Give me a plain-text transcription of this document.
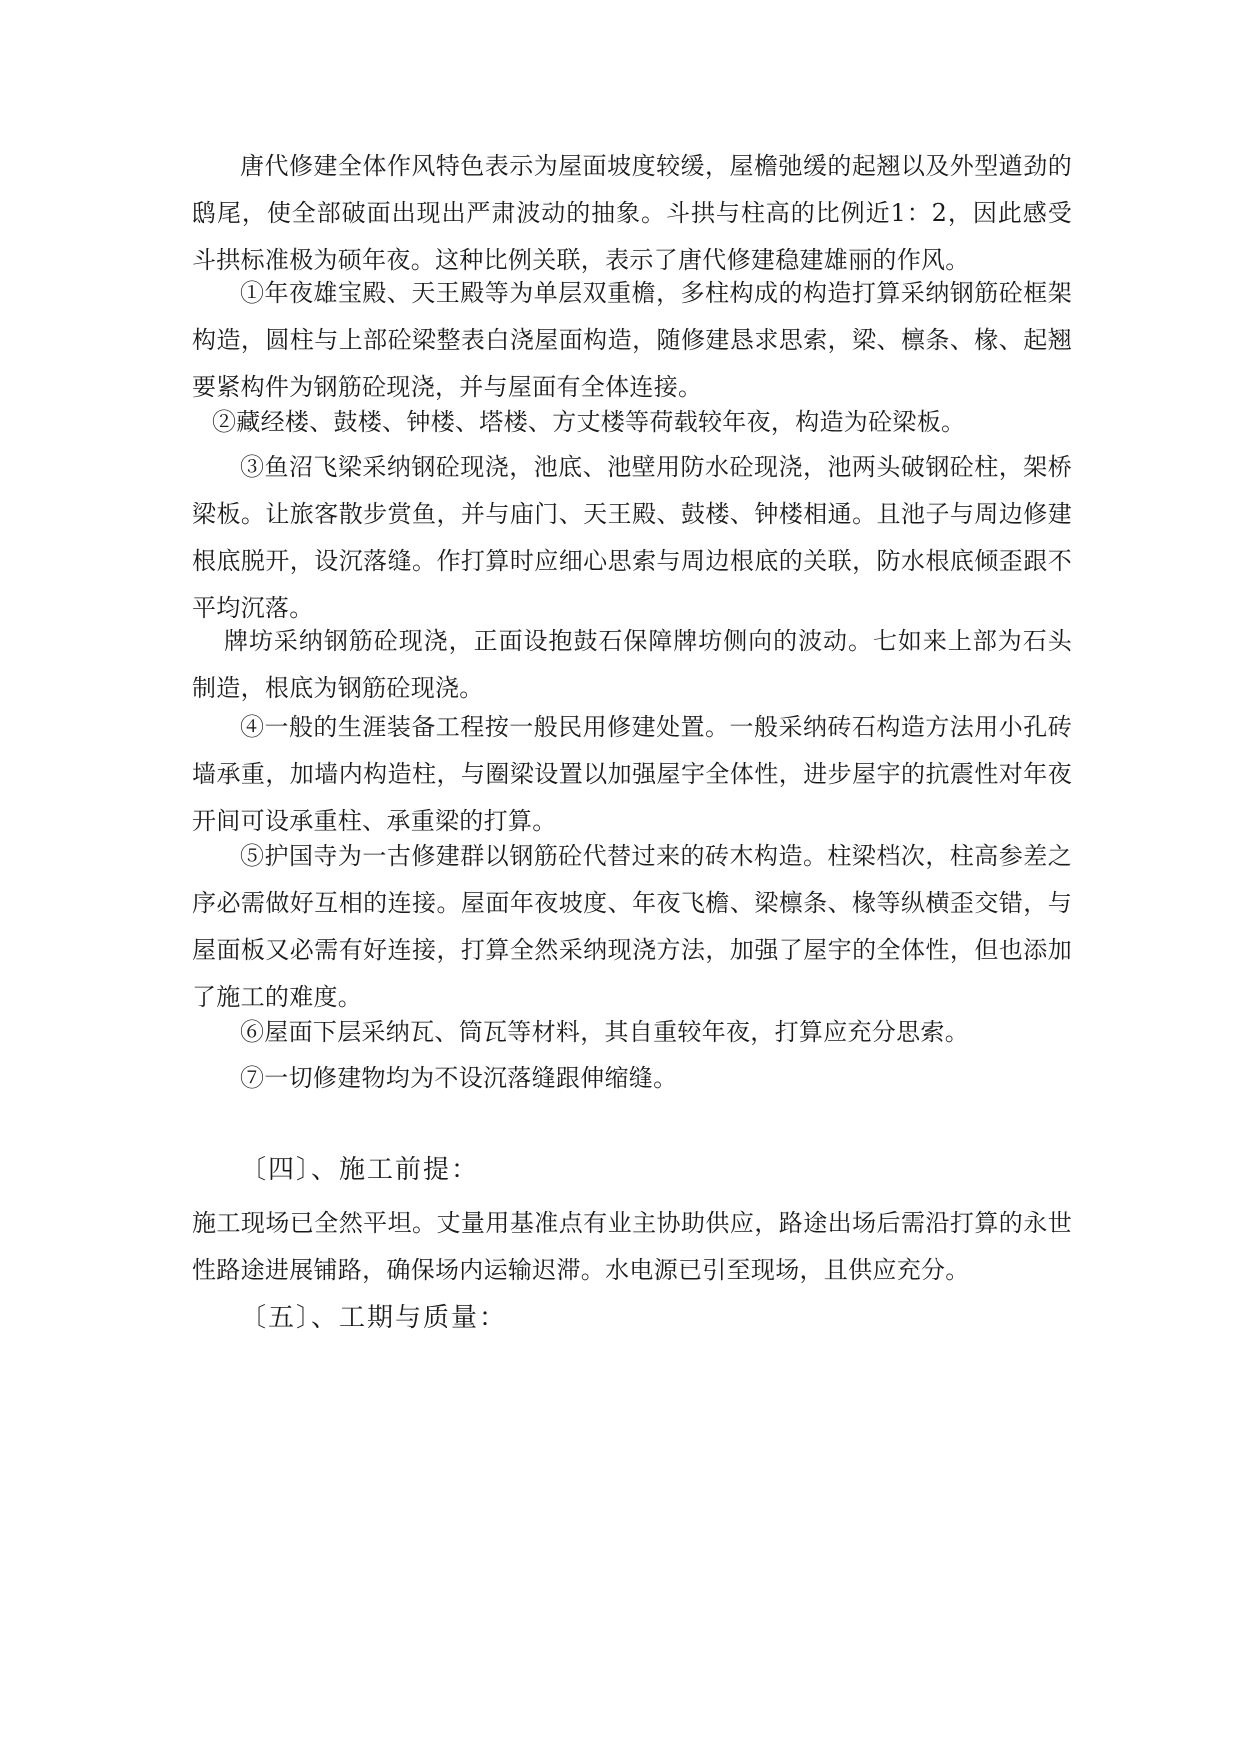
唐代修建全体作风特色表示为屋面坡度较缓，屋檐弛缓的起翘以及外型遒劲的鸱尾，使全部破面出现出严肃波动的抽象。斗拱与柱高的比例近1：2，因此感受斗拱标准极为硕年夜。这种比例关联，表示了唐代修建稳建雄丽的作风。

①年夜雄宝殿、天王殿等为单层双重檐，多柱构成的构造打算采纳钢筋砼框架构造，圆柱与上部砼梁整表白浇屋面构造，随修建恳求思索，梁、檩条、椽、起翘要紧构件为钢筋砼现浇，并与屋面有全体连接。

②藏经楼、鼓楼、钟楼、塔楼、方丈楼等荷载较年夜，构造为砼梁板。

③鱼沼飞梁采纳钢砼现浇，池底、池壁用防水砼现浇，池两头破钢砼柱，架桥梁板。让旅客散步赏鱼，并与庙门、天王殿、鼓楼、钟楼相通。且池子与周边修建根底脱开，设沉落缝。作打算时应细心思索与周边根底的关联，防水根底倾歪跟不平均沉落。

牌坊采纳钢筋砼现浇，正面设抱鼓石保障牌坊侧向的波动。七如来上部为石头制造，根底为钢筋砼现浇。

④一般的生涯装备工程按一般民用修建处置。一般采纳砖石构造方法用小孔砖墙承重，加墙内构造柱，与圈梁设置以加强屋宇全体性，进步屋宇的抗震性对年夜开间可设承重柱、承重梁的打算。

⑤护国寺为一古修建群以钢筋砼代替过来的砖木构造。柱梁档次，柱高参差之序必需做好互相的连接。屋面年夜坡度、年夜飞檐、梁檩条、椽等纵横歪交错，与屋面板又必需有好连接，打算全然采纳现浇方法，加强了屋宇的全体性，但也添加了施工的难度。

⑥屋面下层采纳瓦、筒瓦等材料，其自重较年夜，打算应充分思索。

⑦一切修建物均为不设沉落缝跟伸缩缝。

〔四〕、施工前提：

施工现场已全然平坦。丈量用基准点有业主协助供应，路途出场后需沿打算的永世性路途进展铺路，确保场内运输迟滞。水电源已引至现场，且供应充分。

〔五〕、工期与质量：
